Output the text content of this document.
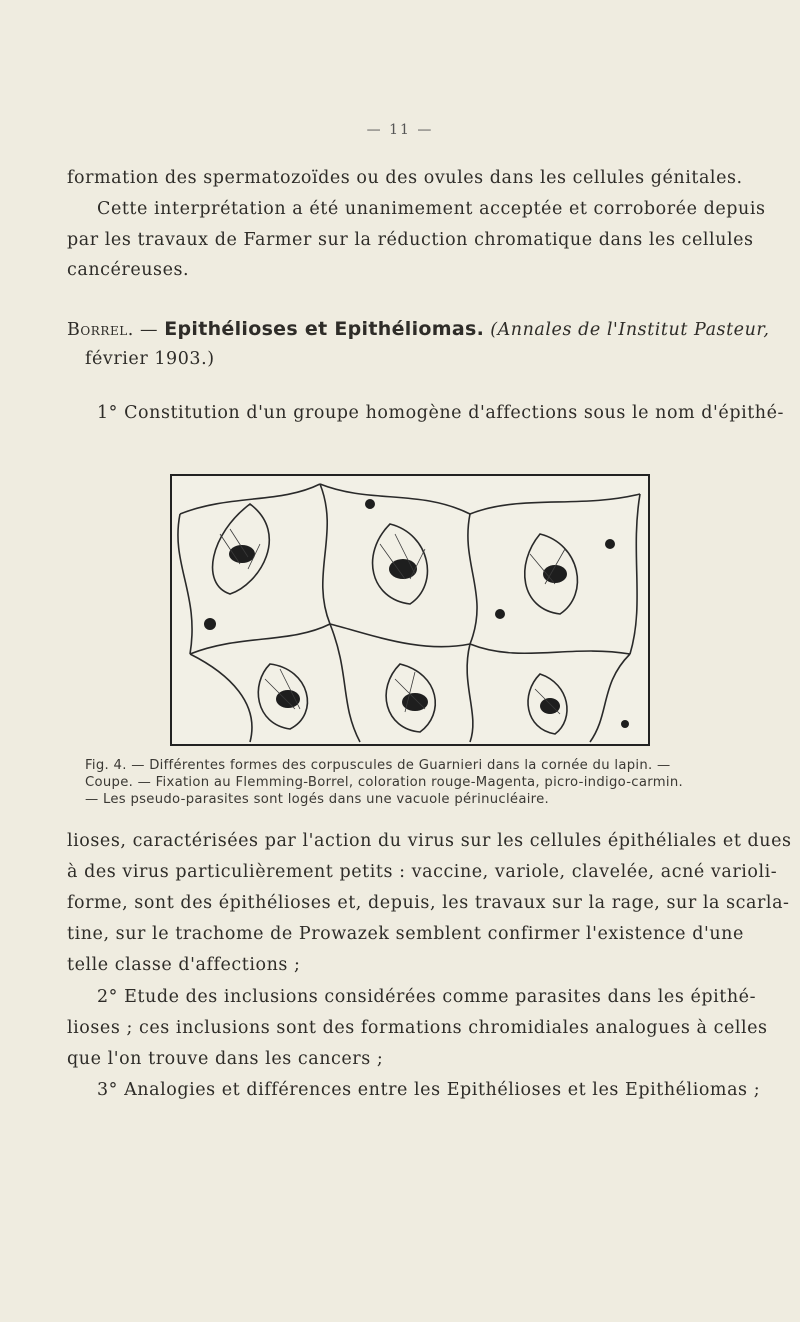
— 11 —
formation des spermatozoïdes ou des ovules dans les cellules génitales.
Cette interprétation a été unanimement acceptée et corroborée depuis
par les travaux de Farmer sur la réduction chromatique dans les cellules
cancéreuses.
Borrel. — Epithélioses et Epithéliomas. (Annales de l'Institut Pasteur,
février 1903.)
1° Constitution d'un groupe homogène d'affections sous le nom d'épithé-
Fig. 4. — Différentes formes des corpuscules de Guarnieri dans la cornée du lapin. —
Coupe. — Fixation au Flemming-Borrel, coloration rouge-Magenta, picro-indigo-carmin.
— Les pseudo-parasites sont logés dans une vacuole périnucléaire.
lioses, caractérisées par l'action du virus sur les cellules épithéliales et dues
à des virus particulièrement petits : vaccine, variole, clavelée, acné varioli-
forme, sont des épithélioses et, depuis, les travaux sur la rage, sur la scarla-
tine, sur le trachome de Prowazek semblent confirmer l'existence d'une
telle classe d'affections ;
2° Etude des inclusions considérées comme parasites dans les épithé-
lioses ; ces inclusions sont des formations chromidiales analogues à celles
que l'on trouve dans les cancers ;
3° Analogies et différences entre les Epithélioses et les Epithéliomas ;
